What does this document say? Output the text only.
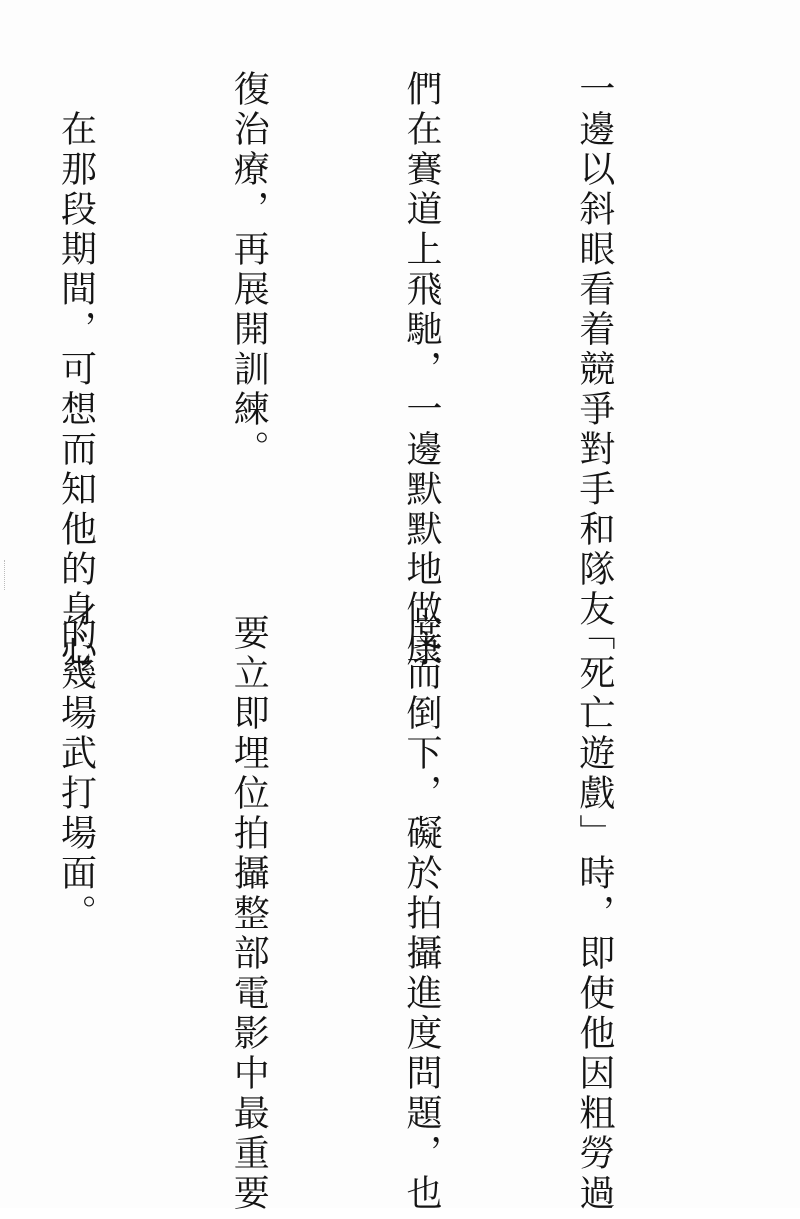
一邊以斜眼看着競爭對手和隊友

們在賽道上飛馳，一邊默默地做康

復治療，再展開訓練。

　在那段期間，可想而知他的身心

「死亡遊戲」時，即使他因粗勞過

度而倒下，礙於拍攝進度問題，也

要立即埋位拍攝整部電影中最重要

的幾場武打場面。
